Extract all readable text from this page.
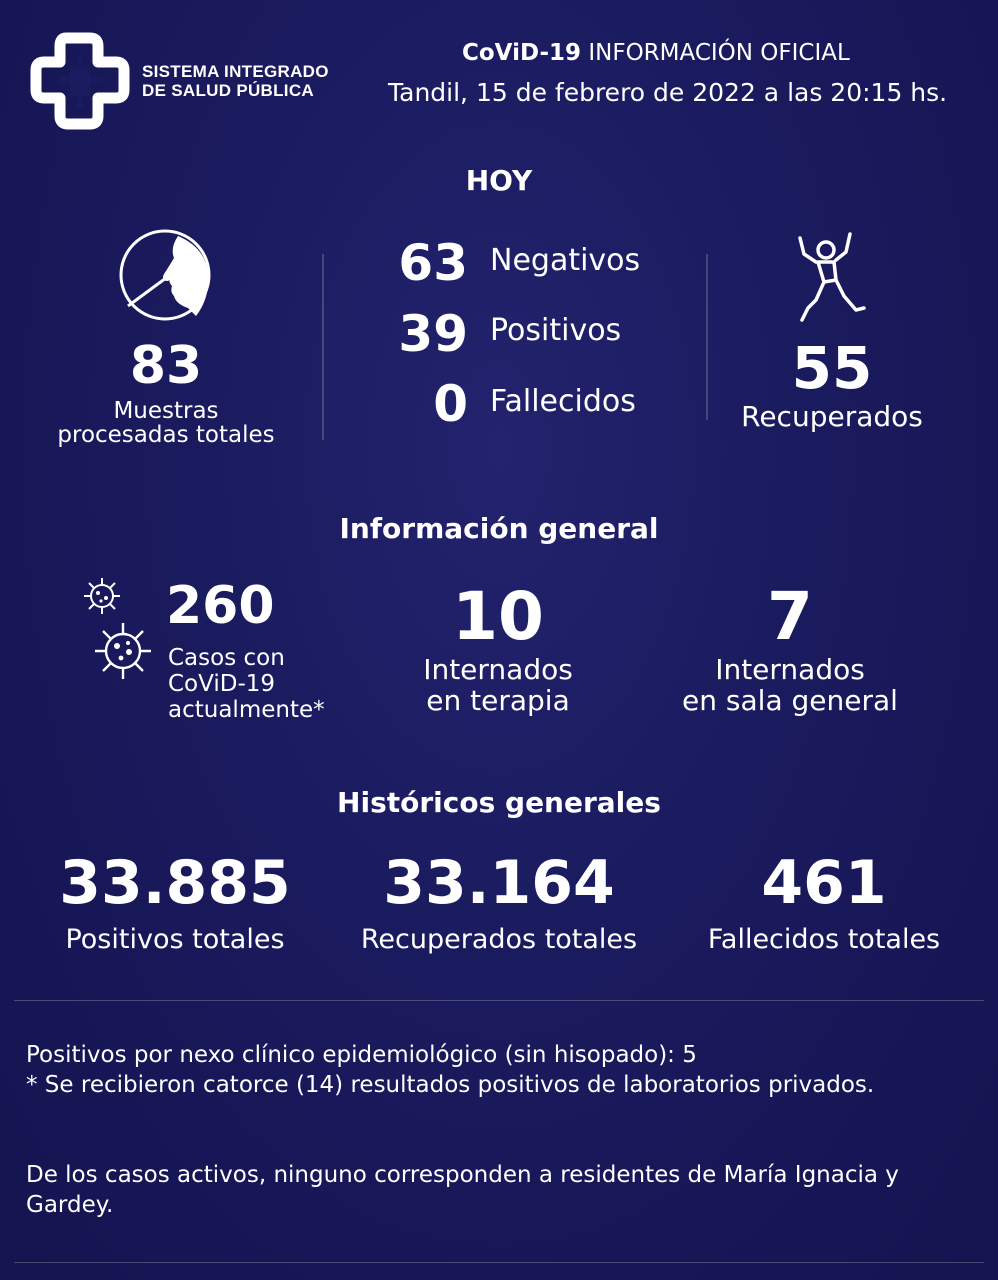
SISTEMA INTEGRADO
DE SALUD PÚBLICA
CoViD-19 INFORMACIÓN OFICIAL
Tandil, 15 de febrero de 2022 a las 20:15 hs.
HOY
83
Muestras
procesadas totales
63 Negativos
39 Positivos
0 Fallecidos	55
Recuperados
Información general
260
Casos con
CoViD-19
actualmente*
10
Internados
en terapia
7
Internados
en sala general
Históricos generales
33.885
Positivos totales
33.164
Recuperados totales
461
Fallecidos totales
Positivos por nexo clínico epidemiológico (sin hisopado): 5
* Se recibieron catorce (14) resultados positivos de laboratorios privados.
De los casos activos, ninguno corresponden a residentes de María Ignacia y Gardey.
